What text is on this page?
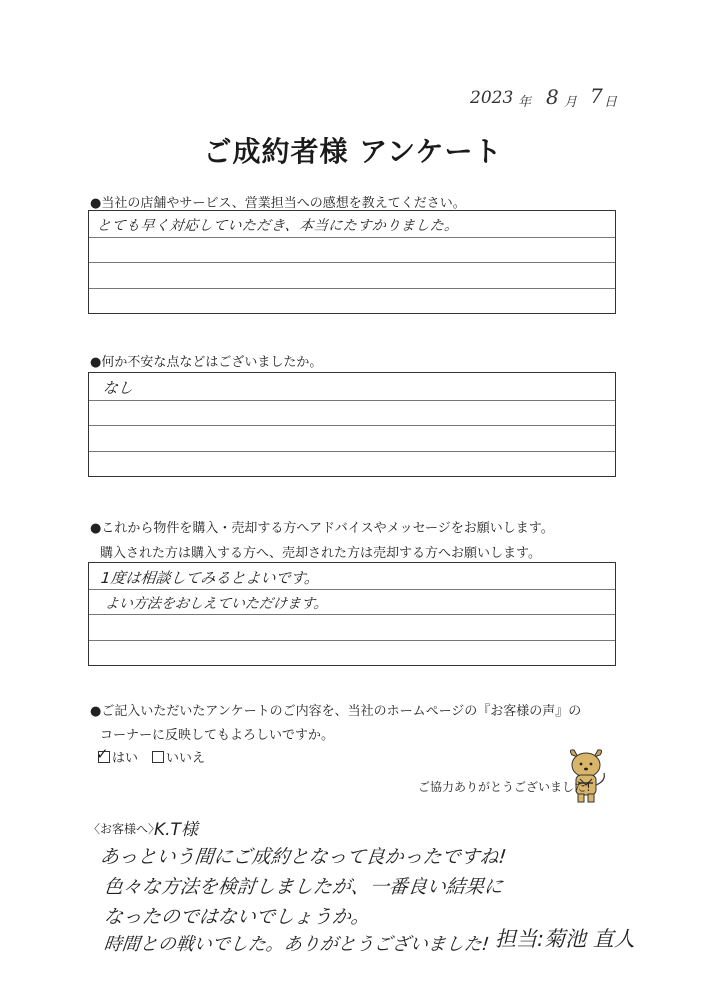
2023 年 8 月 7 日
ご成約者様 アンケート
●当社の店舗やサービス、営業担当への感想を教えてください。
とても早く対応していただき、本当にたすかりました。
●何か不安な点などはございましたか。
なし
●これから物件を購入・売却する方へアドバイスやメッセージをお願いします。
購入された方は購入する方へ、売却された方は売却する方へお願いします。
1度は相談してみるとよいです。
よい方法をおしえていただけます。
●ご記入いただいたアンケートのご内容を、当社のホームページの『お客様の声』の
コーナーに反映してもよろしいですか。
✓ はい	いいえ
ご協力ありがとうございました!
〈お客様へ〉
K.T様
あっという間にご成約となって良かったですね!
色々な方法を検討しましたが、一番良い結果に
なったのではないでしょうか。
時間との戦いでした。ありがとうございました! 担当:菊池 直人
